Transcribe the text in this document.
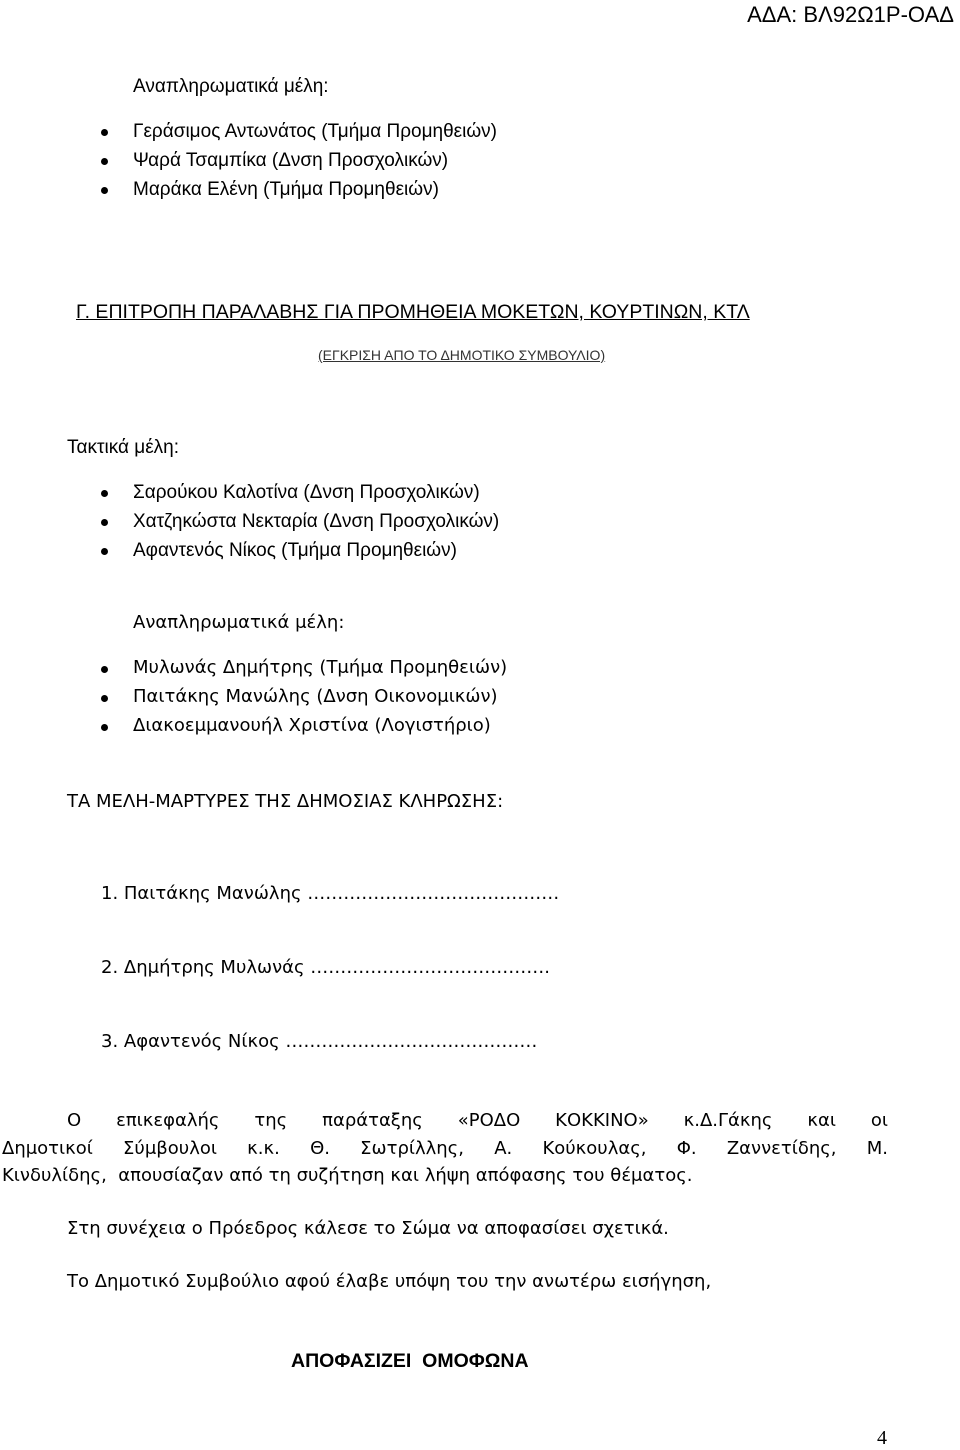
ΑΔΑ: ΒΛ92Ω1Ρ-ΟΑΔ
Αναπληρωματικά μέλη:
Γεράσιμος Αντωνάτος (Τμήμα Προμηθειών)
Ψαρά Τσαμπίκα (Δνση Προσχολικών)
Μαράκα Ελένη (Τμήμα Προμηθειών)
Γ. ΕΠΙΤΡΟΠΗ ΠΑΡΑΛΑΒΗΣ ΓΙΑ ΠΡΟΜΗΘΕΙΑ ΜΟΚΕΤΩΝ, ΚΟΥΡΤΙΝΩΝ, ΚΤΛ
(ΕΓΚΡΙΣΗ ΑΠΟ ΤΟ ΔΗΜΟΤΙΚΟ ΣΥΜΒΟΥΛΙΟ)
Τακτικά μέλη:
Σαρούκου Καλοτίνα (Δνση Προσχολικών)
Χατζηκώστα Νεκταρία (Δνση Προσχολικών)
Αφαντενός Νίκος (Τμήμα Προμηθειών)
Αναπληρωματικά μέλη:
Μυλωνάς Δημήτρης (Τμήμα Προμηθειών)
Παιτάκης Μανώλης (Δνση Οικονομικών)
Διακοεμμανουήλ Χριστίνα (Λογιστήριο)
ΤΑ ΜΕΛΗ-ΜΑΡΤΥΡΕΣ ΤΗΣ ΔΗΜΟΣΙΑΣ ΚΛΗΡΩΣΗΣ:
1. Παιτάκης Μανώλης ……………………………………
2. Δημήτρης Μυλωνάς ………………………………….
3. Αφαντενός Νίκος ……………………………………
Ο επικεφαλής της παράταξης «ΡΟΔΟ ΚΟΚΚΙΝΟ» κ.Δ.Γάκης και οι
Δημοτικοί Σύμβουλοι κ.κ. Θ. Σωτρίλλης, Α. Κούκουλας, Φ. Ζαννετίδης, Μ.
Κινδυλίδης,  απουσίαζαν από τη συζήτηση και λήψη απόφασης του θέματος.
Στη συνέχεια ο Πρόεδρος κάλεσε το Σώμα να αποφασίσει σχετικά.
Το Δημοτικό Συμβούλιο αφού έλαβε υπόψη του την ανωτέρω εισήγηση,
ΑΠΟΦΑΣΙΖΕΙ  ΟΜΟΦΩΝΑ
4
